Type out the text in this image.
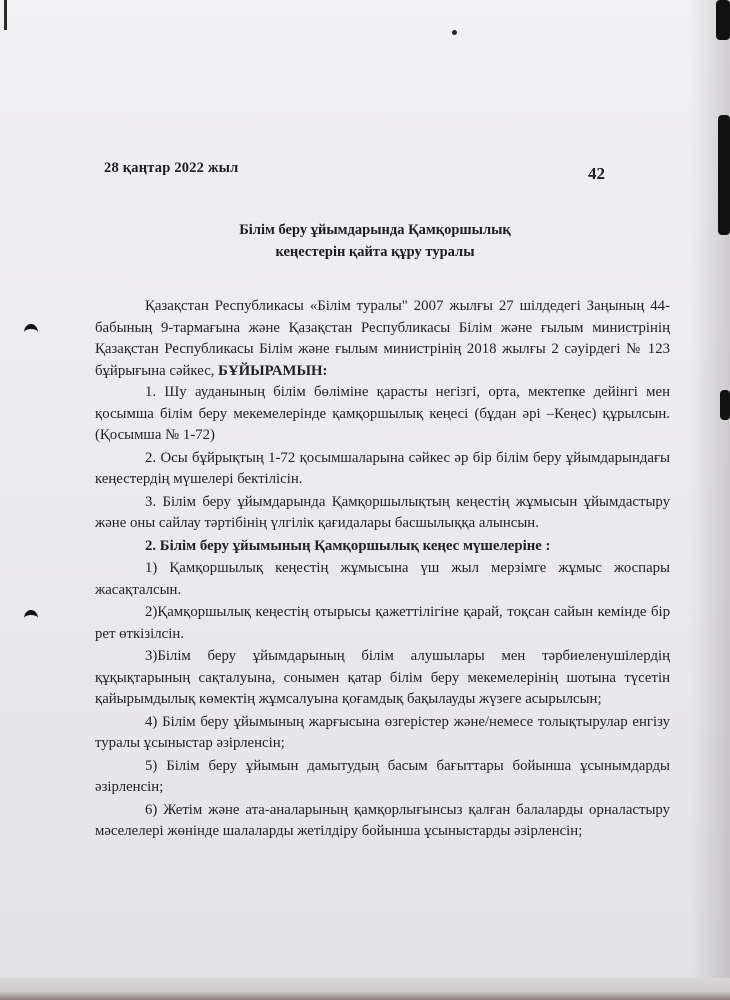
28 қаңтар 2022 жыл	42
Білім беру ұйымдарында Қамқоршылық
кеңестерін қайта құру туралы

Қазақстан Республикасы «Білім туралы" 2007 жылғы 27 шілдедегі Заңының 44-бабының 9-тармағына және Қазақстан Республикасы Білім және ғылым министрінің Қазақстан Республикасы Білім және ғылым министрінің 2018 жылғы 2 сәуірдегі № 123 бұйрығына сәйкес, БҰЙЫРАМЫН:

1. Шу ауданының білім бөліміне қарасты негізгі, орта, мектепке дейінгі мен қосымша білім беру мекемелерінде қамқоршылық кеңесі (бұдан әрі –Кеңес) құрылсын. (Қосымша № 1-72)

2. Осы бұйрықтың 1-72 қосымшаларына сәйкес әр бір білім беру ұйымдарындағы кеңестердің мүшелері бектілісін.

3. Білім беру ұйымдарында Қамқоршылықтың кеңестің жұмысын ұйымдастыру және оны сайлау тәртібінің үлгілік қағидалары басшылыққа алынсын.

2. Білім беру ұйымының Қамқоршылық кеңес мүшелеріне :

1) Қамқоршылық кеңестің жұмысына үш жыл мерзімге жұмыс жоспары жасақталсын.

2)Қамқоршылық кеңестің отырысы қажеттілігіне қарай, тоқсан сайын кемінде бір рет өткізілсін.

3)Білім беру ұйымдарының білім алушылары мен тәрбиеленушілердің құқықтарының сақталуына, сонымен қатар білім беру мекемелерінің шотына түсетін қайырымдылық көмектің жұмсалуына қоғамдық бақылауды жүзеге асырылсын;

4) Білім беру ұйымының жарғысына өзгерістер және/немесе толықтырулар енгізу туралы ұсыныстар әзірленсін;

5) Білім беру ұйымын дамытудың басым бағыттары бойынша ұсынымдарды әзірленсін;

6) Жетім және ата-аналарының қамқорлығынсыз қалған балаларды орналастыру мәселелері жөнінде шалаларды жетілдіру бойынша ұсыныстарды әзірленсін;
